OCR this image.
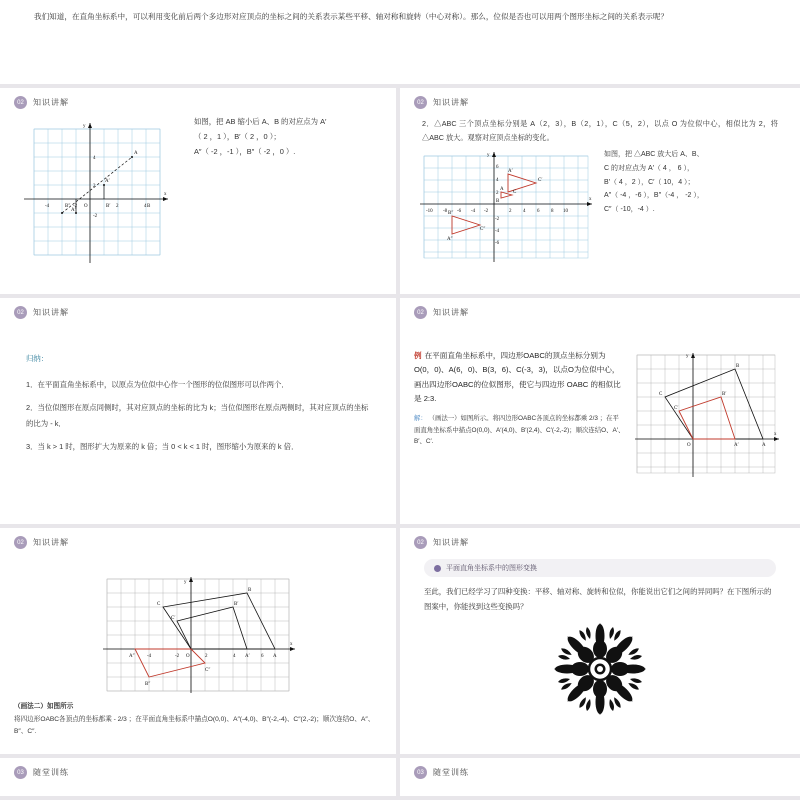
我们知道，在直角坐标系中，可以利用变化前后两个多边形对应顶点的坐标之间的关系表示某些平移、轴对称和旋转（中心对称）。那么，位似是否也可以用两个图形坐标之间的关系表示呢？
02	知识讲解
y
x
A
A′
A″
B
B′
B″	O
-4	-2	2	4
2
4
-2
如图，把 AB 缩小后 A、B 的对应点为 A′
（ 2 ，1 ），B′（ 2 ，0 ）；
A″（ -2 ，-1 ），B″（ -2 ，0 ）.
02	知识讲解
2．△ABC 三个顶点坐标分别是 A（2，3），B（2，1），C（5，2），以点 O 为位似中心，相似比为 2，将 △ABC 放大。观察对应顶点坐标的变化。
y
x
A′
C′
A
C
B
A″
C″
B″
-10 -8 -6 -4 -2	2 4 6 8 10
6
4
2
-2
-4
-6
如图，把 △ABC 放大后 A、B、
C 的对应点为 A′（ 4 ， 6 ），
B′（ 4 ，2 ），C′（ 10，4 ）；
A″（ -4 ，-6 ），B″（-4 ， -2 ），
C″（ -10，-4 ）.
02	知识讲解

归纳：

1．在平面直角坐标系中，以原点为位似中心作一个图形的位似图形可以作两个．

2．当位似图形在原点同侧时，其对应顶点的坐标的比为 k；当位似图形在原点两侧时，其对应顶点的坐标的比为 - k．

3．当 k > 1 时，图形扩大为原来的 k 倍；当 0 < k < 1 时，图形缩小为原来的 k 倍．

02	知识讲解
例 在平面直角坐标系中，四边形OABC的顶点坐标分别为O(0，0)、A(6，0)、B(3，6)、C(-3，3)，以点O为位似中心，画出四边形OABC的位似图形，使它与四边形 OABC 的相似比是 2:3.
解： （画法一）如图所示。将四边形OABC各顶点的坐标都乘 2/3 ；在平面直角坐标系中描点O(0,0)、A′(4,0)、B′(2,4)、C′(-2,-2)；顺次连结O、A′、B′、C′.
y
x
B
B′
C
C′
O	A′	A
02	知识讲解
y
x
B
B′
C
C′
A″
B″
C″
O	A′	A
-4	-2	2	4	6
（画法二）如图所示
将四边形OABC各顶点的坐标都乘 - 2/3 ；在平面直角坐标系中描点O(0,0)、A″(-4,0)、B″(-2,-4)、C″(2,-2)；顺次连结O、A″、B″、C″.
02	知识讲解
平面直角坐标系中的图形变换
至此，我们已经学习了四种变换：平移、轴对称、旋转和位似，你能说出它们之间的异同吗？在下图所示的图案中，你能找到这些变换吗？
03	随堂训练	03	随堂训练
